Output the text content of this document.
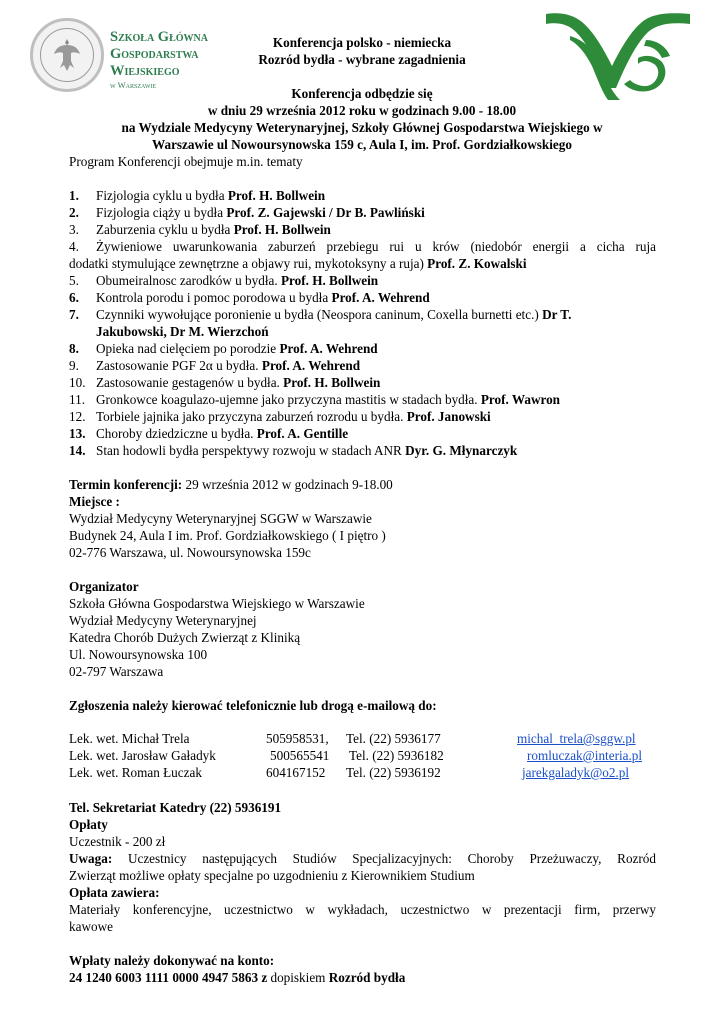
Szkoła Główna
Gospodarstwa
Wiejskiego
w Warszawie
Konferencja polsko - niemiecka
Rozród bydła - wybrane zagadnienia
Konferencja odbędzie się
w dniu 29 września 2012 roku w godzinach 9.00 - 18.00
na Wydziale Medycyny Weterynaryjnej, Szkoły Głównej Gospodarstwa Wiejskiego w
Warszawie ul Nowoursynowska 159 c, Aula I, im. Prof. Gordziałkowskiego
Program Konferencji obejmuje m.in. tematy
1. Fizjologia cyklu u bydła Prof. H. Bollwein
2. Fizjologia ciąży u bydła Prof. Z. Gajewski / Dr B. Pawliński
3. Zaburzenia cyklu u bydła Prof. H. Bollwein
4. Żywieniowe uwarunkowania zaburzeń przebiegu rui u krów (niedobór energii a cicha ruja
dodatki stymulujące zewnętrzne a objawy rui, mykotoksyny a ruja) Prof. Z. Kowalski
5. Obumeiralnosc zarodków u bydła. Prof. H. Bollwein
6. Kontrola porodu i pomoc porodowa u bydła Prof. A. Wehrend
7. Czynniki wywołujące poronienie u bydła (Neospora caninum, Coxella burnetti etc.) Dr T.
Jakubowski, Dr M. Wierzchoń
8. Opieka nad cielęciem po porodzie Prof. A. Wehrend
9. Zastosowanie PGF 2α u bydła. Prof. A. Wehrend
10. Zastosowanie gestagenów u bydła. Prof. H. Bollwein
11. Gronkowce koagulazo-ujemne jako przyczyna mastitis w stadach bydła. Prof. Wawron
12. Torbiele jajnika jako przyczyna zaburzeń rozrodu u bydła. Prof. Janowski
13. Choroby dziedziczne u bydła. Prof. A. Gentille
14. Stan hodowli bydła perspektywy rozwoju w stadach ANR Dyr. G. Młynarczyk
Termin konferencji: 29 września 2012 w godzinach 9-18.00
Miejsce :
Wydział Medycyny Weterynaryjnej SGGW w Warszawie
Budynek 24, Aula I im. Prof. Gordziałkowskiego ( I piętro )
02-776 Warszawa, ul. Nowoursynowska 159c
Organizator
Szkoła Główna Gospodarstwa Wiejskiego w Warszawie
Wydział Medycyny Weterynaryjnej
Katedra Chorób Dużych Zwierząt z Kliniką
Ul. Nowoursynowska 100
02-797 Warszawa
Zgłoszenia należy kierować telefonicznie lub drogą e-mailową do:
Lek. wet. Michał Trela	505958531, Tel. (22) 5936177	michal_trela@sggw.pl
Lek. wet. Jarosław Gaładyk	500565541 Tel. (22) 5936182	romluczak@interia.pl
Lek. wet. Roman Łuczak	604167152 Tel. (22) 5936192	jarekgaladyk@o2.pl
Tel. Sekretariat Katedry (22) 5936191
Opłaty
Uczestnik - 200 zł
Uwaga: Uczestnicy następujących Studiów Specjalizacyjnych: Choroby Przeżuwaczy, Rozród
Zwierząt możliwe opłaty specjalne po uzgodnieniu z Kierownikiem Studium
Opłata zawiera:
Materiały konferencyjne, uczestnictwo w wykładach, uczestnictwo w prezentacji firm, przerwy
kawowe
Wpłaty należy dokonywać na konto:
24 1240 6003 1111 0000 4947 5863 z dopiskiem Rozród bydła
